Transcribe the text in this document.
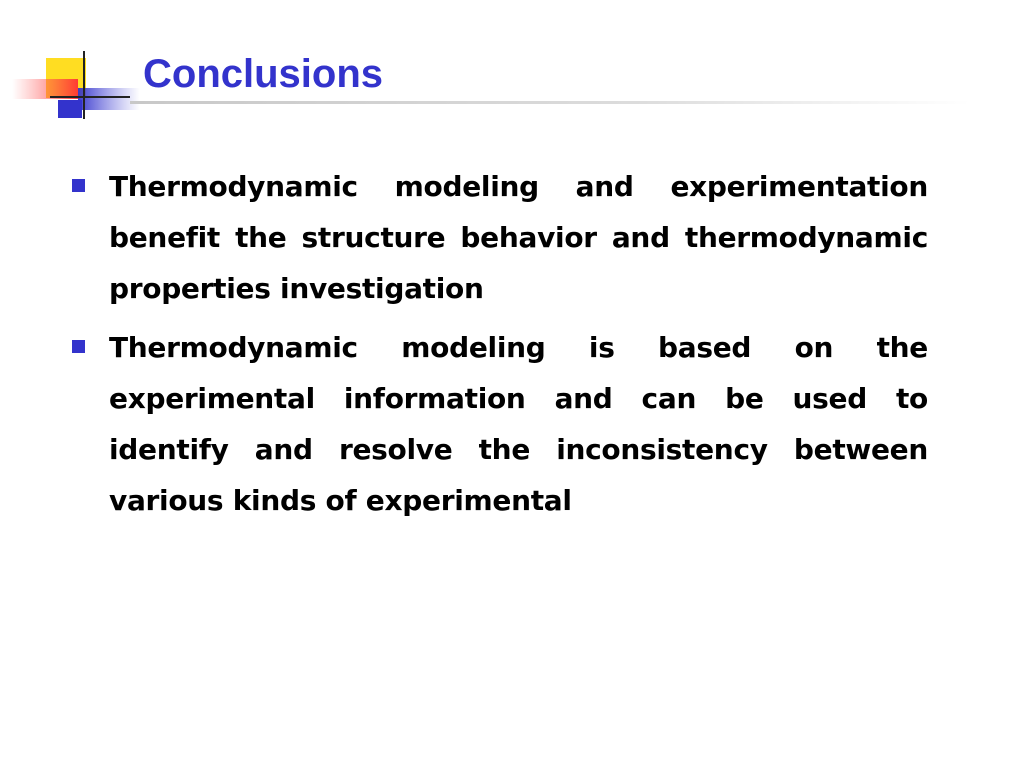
Conclusions
Thermodynamic modeling and experimentation benefit the structure behavior and thermodynamic properties investigation
Thermodynamic modeling is based on the experimental information and can be used to identify and resolve the inconsistency between various kinds of experimental
